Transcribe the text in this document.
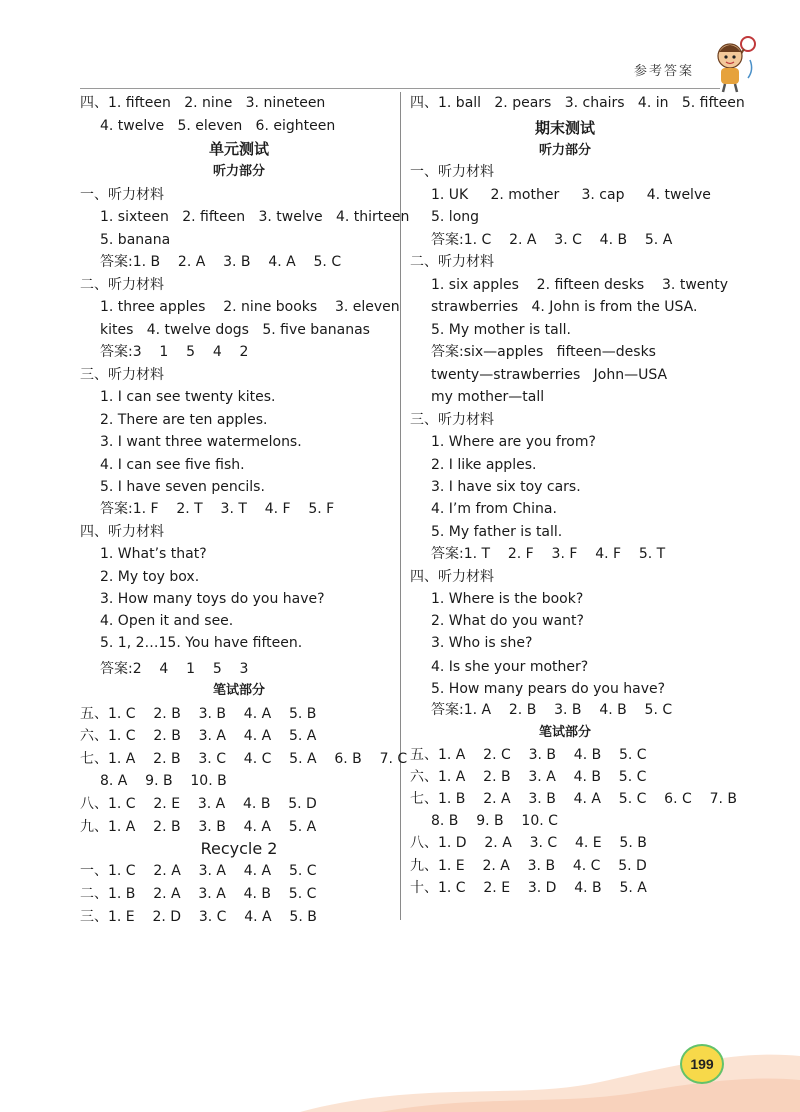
参考答案
四、1. fifteen   2. nine   3. nineteen
4. twelve   5. eleven   6. eighteen
单元测试
听力部分
一、听力材料
1. sixteen   2. fifteen   3. twelve   4. thirteen
5. banana
答案:1. B    2. A    3. B    4. A    5. C
二、听力材料
1. three apples    2. nine books    3. eleven
kites   4. twelve dogs   5. five bananas
答案:3    1    5    4    2
三、听力材料
1. I can see twenty kites.
2. There are ten apples.
3. I want three watermelons.
4. I can see five fish.
5. I have seven pencils.
答案:1. F    2. T    3. T    4. F    5. F
四、听力材料
1. What’s that?
2. My toy box.
3. How many toys do you have?
4. Open it and see.
5. 1, 2…15. You have fifteen.
答案:2    4    1    5    3
笔试部分
五、1. C    2. B    3. B    4. A    5. B
六、1. C    2. B    3. A    4. A    5. A
七、1. A    2. B    3. C    4. C    5. A    6. B    7. C
8. A    9. B    10. B
八、1. C    2. E    3. A    4. B    5. D
九、1. A    2. B    3. B    4. A    5. A
Recycle 2
一、1. C    2. A    3. A    4. A    5. C
二、1. B    2. A    3. A    4. B    5. C
三、1. E    2. D    3. C    4. A    5. B
四、1. ball   2. pears   3. chairs   4. in   5. fifteen
期末测试
听力部分
一、听力材料
1. UK     2. mother     3. cap     4. twelve
5. long
答案:1. C    2. A    3. C    4. B    5. A
二、听力材料
1. six apples    2. fifteen desks    3. twenty
strawberries   4. John is from the USA.
5. My mother is tall.
答案:six—apples   fifteen—desks
twenty—strawberries   John—USA
my mother—tall
三、听力材料
1. Where are you from?
2. I like apples.
3. I have six toy cars.
4. I’m from China.
5. My father is tall.
答案:1. T    2. F    3. F    4. F    5. T
四、听力材料
1. Where is the book?
2. What do you want?
3. Who is she?
4. Is she your mother?
5. How many pears do you have?
答案:1. A    2. B    3. B    4. B    5. C
笔试部分
五、1. A    2. C    3. B    4. B    5. C
六、1. A    2. B    3. A    4. B    5. C
七、1. B    2. A    3. B    4. A    5. C    6. C    7. B
8. B    9. B    10. C
八、1. D    2. A    3. C    4. E    5. B
九、1. E    2. A    3. B    4. C    5. D
十、1. C    2. E    3. D    4. B    5. A
199
